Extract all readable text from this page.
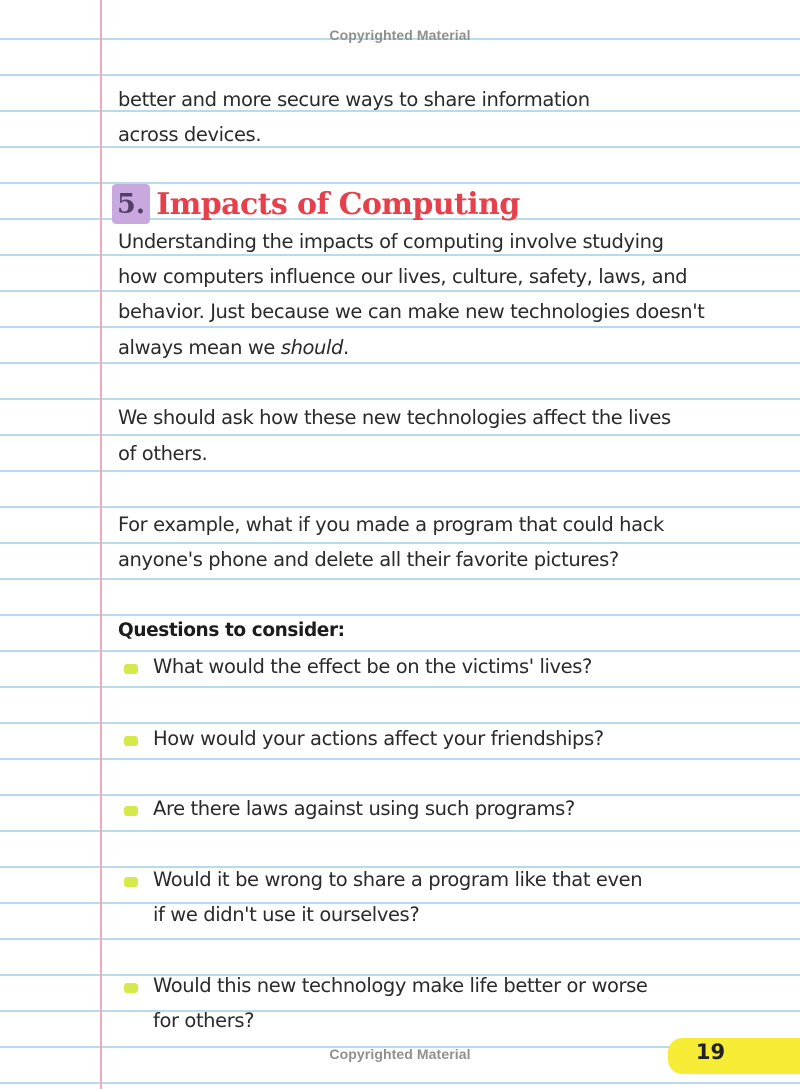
Copyrighted Material
better and more secure ways to share information
across devices.
5. Impacts of Computing
Understanding the impacts of computing involve studying
how computers influence our lives, culture, safety, laws, and
behavior. Just because we can make new technologies doesn't
always mean we should.
We should ask how these new technologies affect the lives
of others.
For example, what if you made a program that could hack
anyone's phone and delete all their favorite pictures?
Questions to consider:
What would the effect be on the victims' lives?
How would your actions affect your friendships?
Are there laws against using such programs?
Would it be wrong to share a program like that even
if we didn't use it ourselves?
Would this new technology make life better or worse
for others?
Copyrighted Material	19
